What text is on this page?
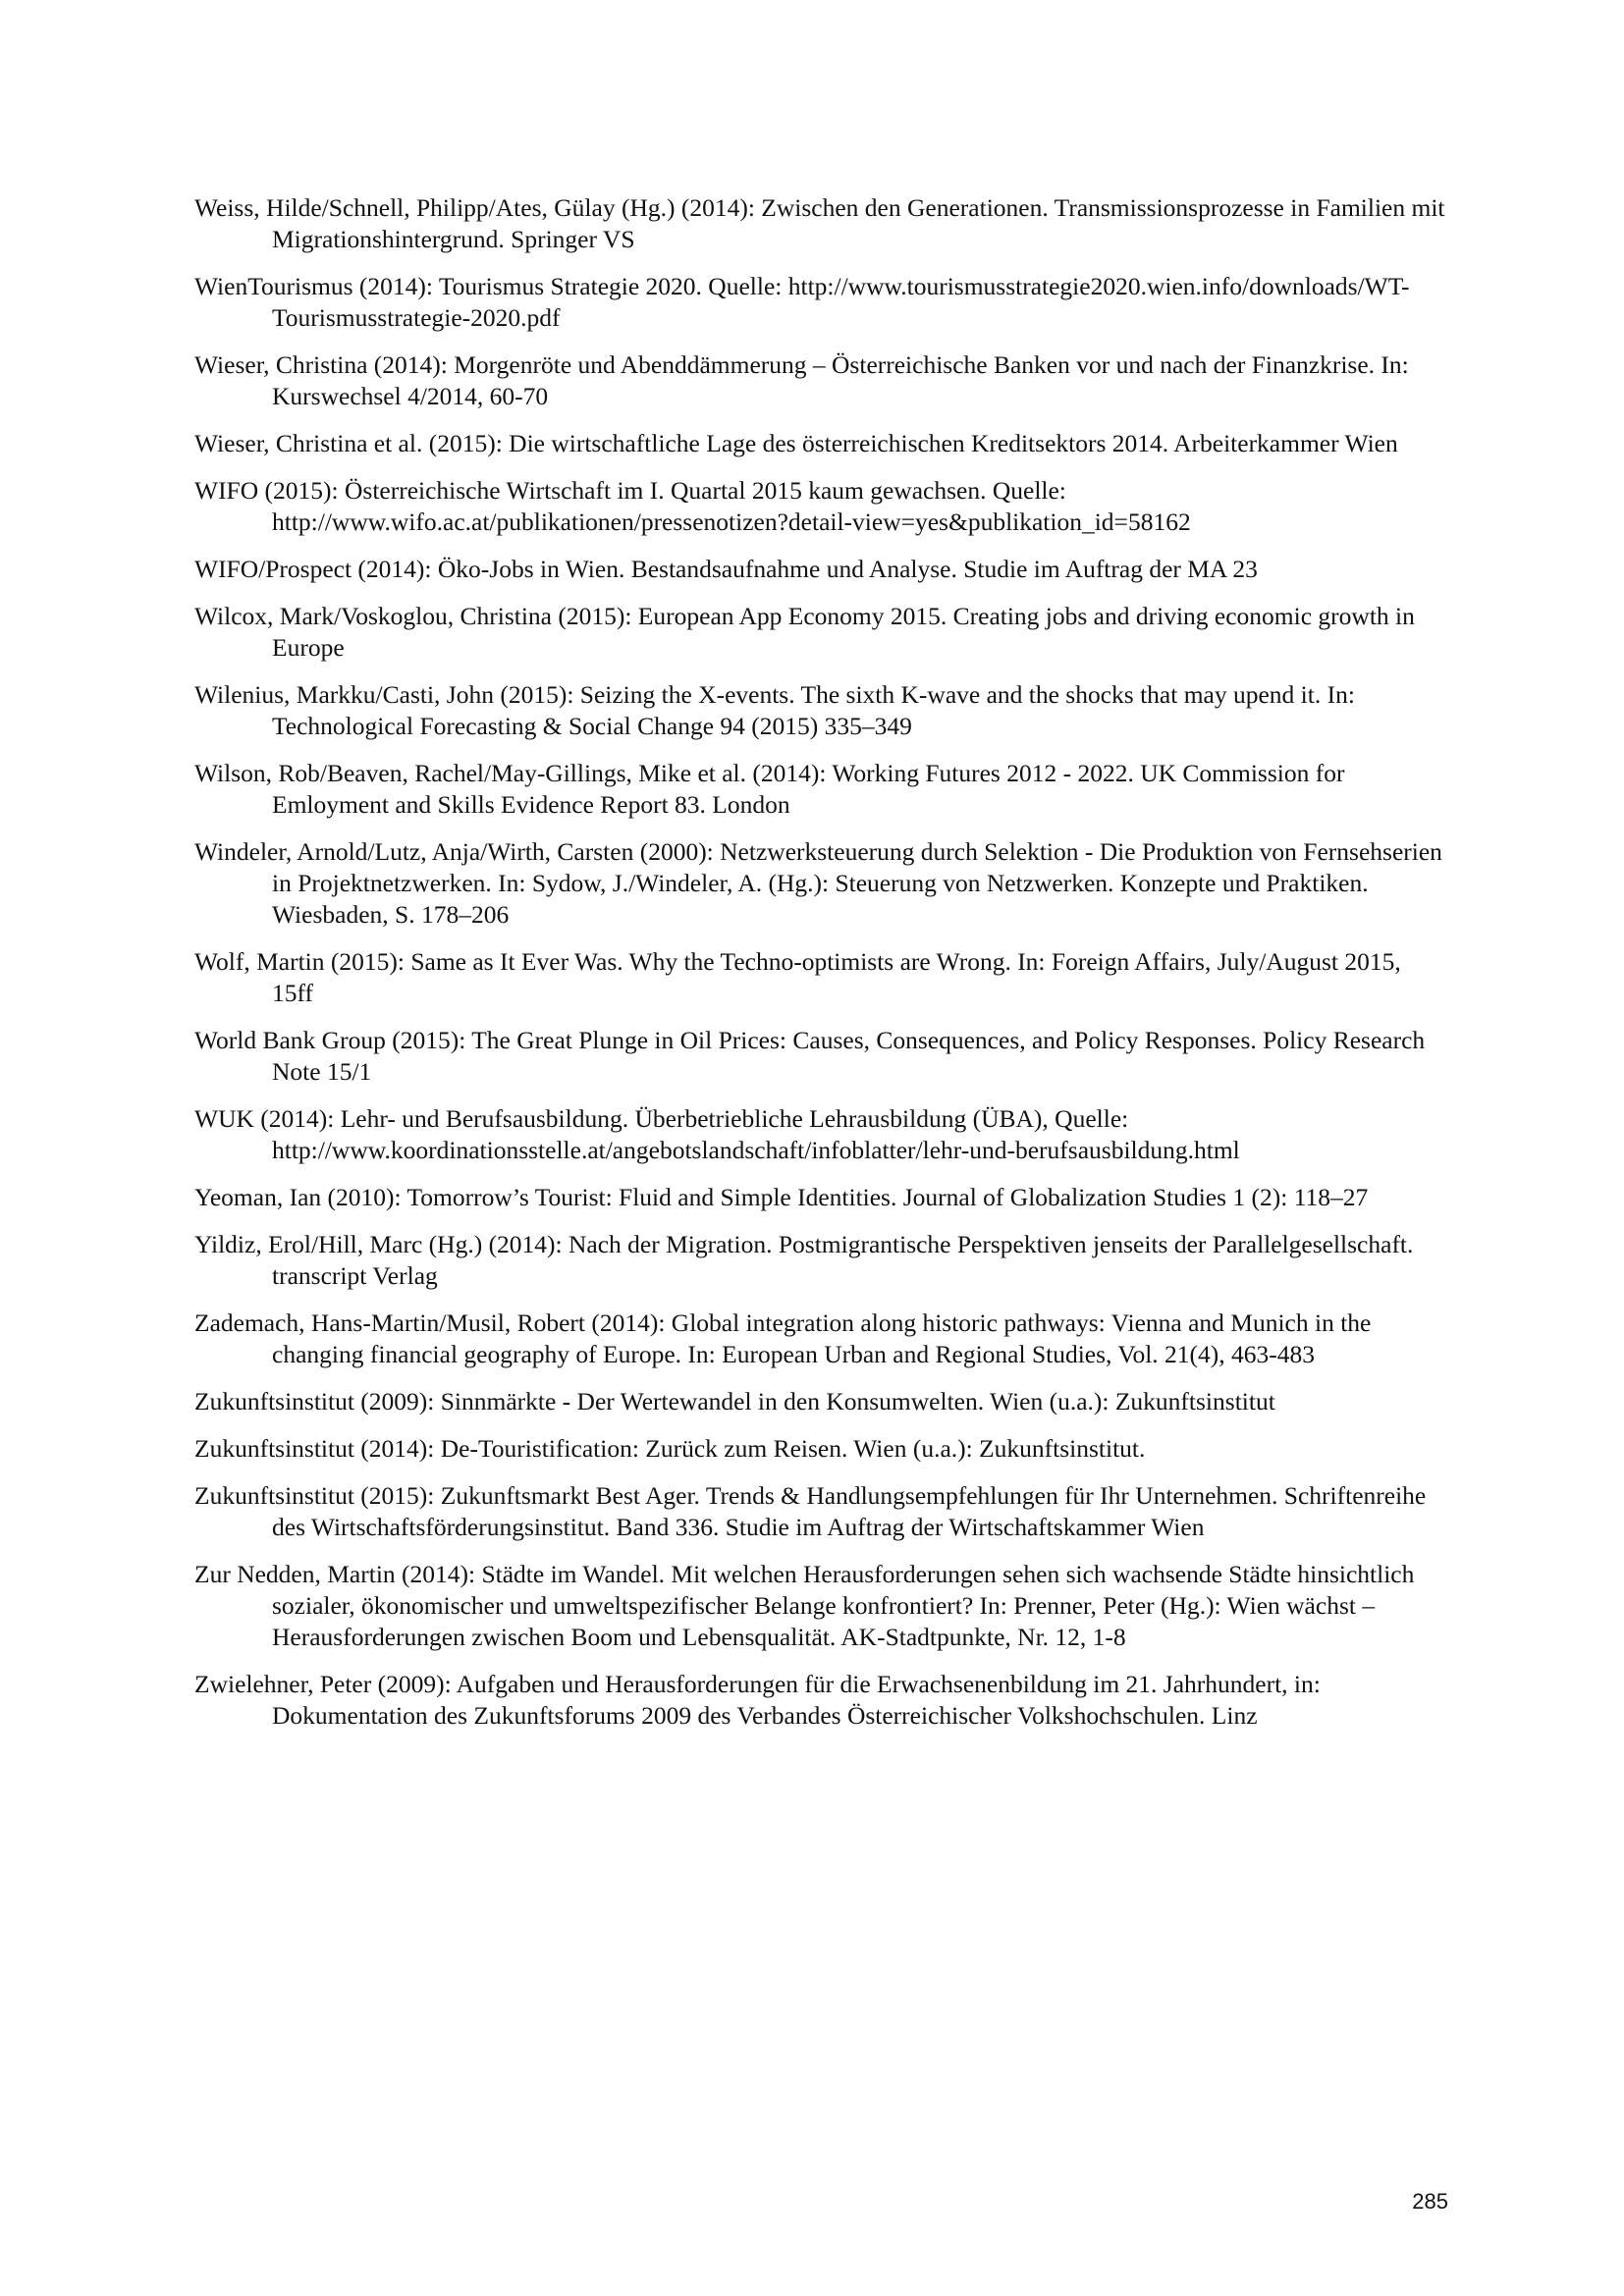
Weiss, Hilde/Schnell, Philipp/Ates, Gülay (Hg.) (2014): Zwischen den Generationen. Transmissionsprozesse in Familien mit Migrationshintergrund. Springer VS

WienTourismus (2014): Tourismus Strategie 2020. Quelle: http://www.tourismusstrategie2020.wien.info/downloads/WT-Tourismusstrategie-2020.pdf

Wieser, Christina (2014): Morgenröte und Abenddämmerung – Österreichische Banken vor und nach der Finanzkrise. In: Kurswechsel 4/2014, 60-70

Wieser, Christina et al. (2015): Die wirtschaftliche Lage des österreichischen Kreditsektors 2014. Arbeiterkammer Wien

WIFO (2015): Österreichische Wirtschaft im I. Quartal 2015 kaum gewachsen. Quelle: http://www.wifo.ac.at/publikationen/pressenotizen?detail-view=yes&publikation_id=58162

WIFO/Prospect (2014): Öko-Jobs in Wien. Bestandsaufnahme und Analyse. Studie im Auftrag der MA 23

Wilcox, Mark/Voskoglou, Christina (2015): European App Economy 2015. Creating jobs and driving economic growth in Europe

Wilenius, Markku/Casti, John (2015): Seizing the X-events. The sixth K-wave and the shocks that may upend it. In: Technological Forecasting & Social Change 94 (2015) 335–349

Wilson, Rob/Beaven, Rachel/May-Gillings, Mike et al. (2014): Working Futures 2012 - 2022. UK Commission for Emloyment and Skills Evidence Report 83. London

Windeler, Arnold/Lutz, Anja/Wirth, Carsten (2000): Netzwerksteuerung durch Selektion - Die Produktion von Fernsehserien in Projektnetzwerken. In: Sydow, J./Windeler, A. (Hg.): Steuerung von Netzwerken. Konzepte und Praktiken. Wiesbaden, S. 178–206

Wolf, Martin (2015): Same as It Ever Was. Why the Techno-optimists are Wrong. In: Foreign Affairs, July/August 2015, 15ff

World Bank Group (2015): The Great Plunge in Oil Prices: Causes, Consequences, and Policy Responses. Policy Research Note 15/1

WUK (2014): Lehr- und Berufsausbildung. Überbetriebliche Lehrausbildung (ÜBA), Quelle: http://www.koordinationsstelle.at/angebotslandschaft/infoblatter/lehr-und-berufsausbildung.html

Yeoman, Ian (2010): Tomorrow’s Tourist: Fluid and Simple Identities. Journal of Globalization Studies 1 (2): 118–27

Yildiz, Erol/Hill, Marc (Hg.) (2014): Nach der Migration. Postmigrantische Perspektiven jenseits der Parallelgesellschaft. transcript Verlag

Zademach, Hans-Martin/Musil, Robert (2014): Global integration along historic pathways: Vienna and Munich in the changing financial geography of Europe. In: European Urban and Regional Studies, Vol. 21(4), 463-483

Zukunftsinstitut (2009): Sinnmärkte - Der Wertewandel in den Konsumwelten. Wien (u.a.): Zukunftsinstitut

Zukunftsinstitut (2014): De-Touristification: Zurück zum Reisen. Wien (u.a.): Zukunftsinstitut.

Zukunftsinstitut (2015): Zukunftsmarkt Best Ager. Trends & Handlungsempfehlungen für Ihr Unternehmen. Schriftenreihe des Wirtschaftsförderungsinstitut. Band 336. Studie im Auftrag der Wirtschaftskammer Wien

Zur Nedden, Martin (2014): Städte im Wandel. Mit welchen Herausforderungen sehen sich wachsende Städte hinsichtlich sozialer, ökonomischer und umweltspezifischer Belange konfrontiert? In: Prenner, Peter (Hg.): Wien wächst – Herausforderungen zwischen Boom und Lebensqualität. AK-Stadtpunkte, Nr. 12, 1-8

Zwielehner, Peter (2009): Aufgaben und Herausforderungen für die Erwachsenenbildung im 21. Jahrhundert, in: Dokumentation des Zukunftsforums 2009 des Verbandes Österreichischer Volkshochschulen. Linz

285
